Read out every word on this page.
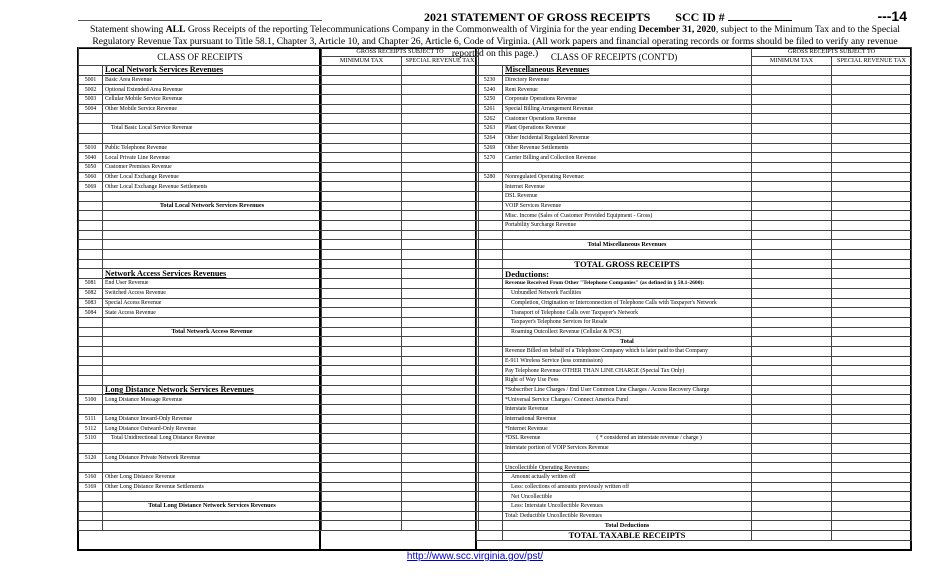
2021 STATEMENT OF GROSS RECEIPTS SCC ID #	---14
Statement showing ALL Gross Receipts of the reporting Telecommunications Company in the Commonwealth of Virginia for the year ending December 31, 2020, subject to the Minimum Tax and to the Special Regulatory Revenue Tax pursuant to Title 58.1, Chapter 3, Article 10, and Chapter 26, Article 6, Code of Virginia. (All work papers and financial operating records or forms should be filed to verify any revenue reported on this page.)
CLASS OF RECEIPTS		GROSS RECEIPTS SUBJECT TO	
		MINIMUM TAX	SPECIAL REVENUE TAX
	Local Network Services Revenues		
5001	Basic Area Revenue		
5002	Optional Extended Area Revenue		
5003	Cellular Mobile Service Revenue		
5004	Other Mobile Service Revenue		

	Total Basic Local Service Revenue		

5010	Public Telephone Revenue		
5040	Local Private Line Revenue		
5050	Customer Premises Revenue		
5060	Other Local Exchange Revenue		
5069	Other Local Exchange Revenue Settlements		

	Total Local Network Services Revenues		

	Network Access Services Revenues		
5081	End User Revenue		
5082	Switched Access Revenue		
5083	Special Access Revenue		
5084	State Access Revenue		

	Total Network Access Revenue		

	Long Distance Network Services Revenues		
5100	Long Distance Message Revenue		

5111	Long Distance Inward-Only Revenue		
5112	Long Distance Outward-Only Revenue		
5110	Total Unidirectional Long Distance Revenue		

5120	Long Distance Private Network Revenue		

5160	Other Long Distance Revenue		
5169	Other Long Distance Revenue Settlements		

	Total Long Distance Network Services Revenues		

CLASS OF RECEIPTS (CONT'D)		GROSS RECEIPTS SUBJECT TO	
		MINIMUM TAX	SPECIAL REVENUE TAX
	Miscellaneous Revenues		
5230	Directory Revenue		
5240	Rent Revenue		
5250	Corporate Operations Revenue		
5261	Special Billing Arrangement Revenue		
5262	Customer Operations Revenue		
5263	Plant Operations Revenue		
5264	Other Incidental Regulated Revenue		
5269	Other Revenue Settlements		
5270	Carrier Billing and Collection Revenue		

5280	Nonregulated Operating Revenue:		
	Internet Revenue		
	DSL Revenue		
	VOIP Services Revenue		
	Misc. Income (Sales of Customer Provided Equipment - Gross)		
	Portability Surcharge Revenue		

	Total Miscellaneous Revenues		

	TOTAL GROSS RECEIPTS		
	Deductions:		
	Revenue Received From Other "Telephone Companies" (as defined in § 58.1-2600):		
	Unbundled Network Facilities		
	Completion, Origination or Interconnection of Telephone Calls with Taxpayer's Network		
	Transport of Telephone Calls over Taxpayer's Network		
	Taxpayer's Telephone Services for Resale		
	Roaming Outcollect Revenue (Cellular & PCS)		
	Total		
	Revenue Billed on behalf of a Telephone Company which is later paid to that Company		
	E-911 Wireless Service (less commission)		
	Pay Telephone Revenue OTHER THAN LINE CHARGE (Special Tax Only)		
	Right of Way Use Fees		
	*Subscriber Line Charges / End User Common Line Charges / Access Recovery Charge		
	*Universal Service Charges / Connect America Fund		
	Interstate Revenue		
	International Revenue		
	*Internet Revenue		
	*DSL Revenue ( * considered an interstate revenue / charge )		
	Interstate portion of VOIP Services Revenue		

	Uncollectible Operating Revenues:		
	Amount actually written off		
	Less: collections of amounts previously written off		
	Net Uncollectible		
	Less: Interstate Uncollectible Revenues		
	Total: Deductible Uncollectible Revenues		
	Total Deductions		
	TOTAL TAXABLE RECEIPTS		
http://www.scc.virginia.gov/pst/
